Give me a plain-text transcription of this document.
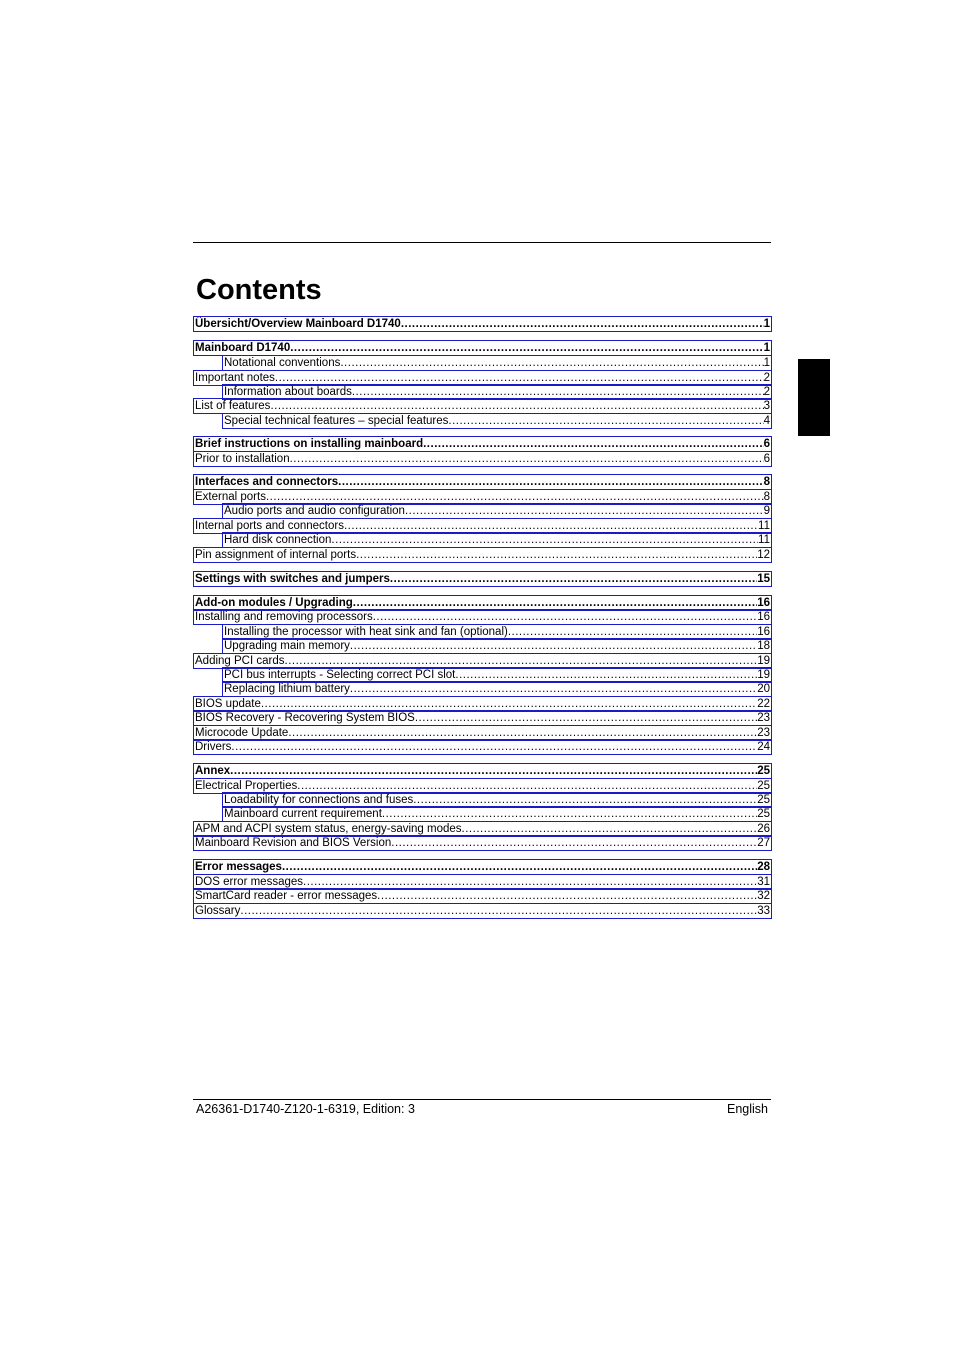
Contents
Übersicht/Overview Mainboard D1740 .....	1
Mainboard D1740 .....	1
Notational conventions .....	1
Important notes .....	2
Information about boards .....	2
List of features .....	3
Special technical features – special features .....	4
Brief instructions on installing mainboard .....	6
Prior to installation .....	6
Interfaces and connectors .....	8
External ports .....	8
Audio ports and audio configuration .....	9
Internal ports and connectors .....	11
Hard disk connection .....	11
Pin assignment of internal ports .....	12
Settings with switches and jumpers .....	15
Add-on modules / Upgrading .....	16
Installing and removing processors .....	16
Installing the processor with heat sink and fan (optional) .....	16
Upgrading main memory .....	18
Adding PCI cards .....	19
PCI bus interrupts - Selecting correct PCI slot .....	19
Replacing lithium battery .....	20
BIOS update .....	22
BIOS Recovery - Recovering System BIOS .....	23
Microcode Update .....	23
Drivers .....	24
Annex .....	25
Electrical Properties .....	25
Loadability for connections and fuses .....	25
Mainboard current requirement .....	25
APM and ACPI system status, energy-saving modes .....	26
Mainboard Revision and BIOS Version .....	27
Error messages .....	28
DOS error messages .....	31
SmartCard reader - error messages .....	32
Glossary .....	33
A26361-D1740-Z120-1-6319, Edition: 3	English
